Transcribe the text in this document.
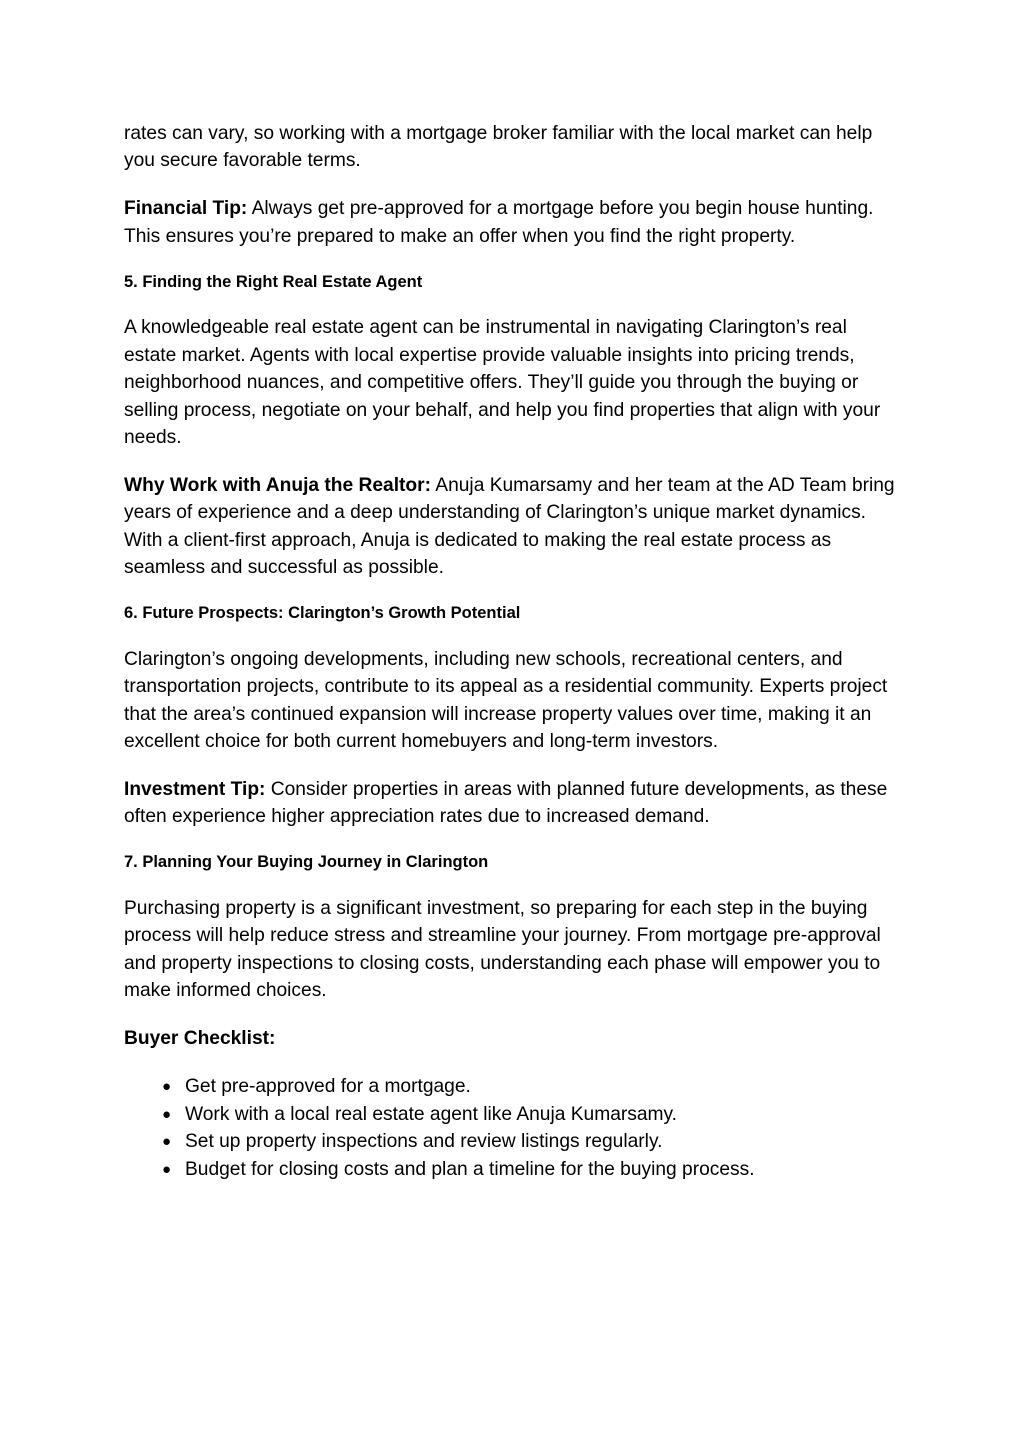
rates can vary, so working with a mortgage broker familiar with the local market can help you secure favorable terms.

Financial Tip: Always get pre-approved for a mortgage before you begin house hunting. This ensures you’re prepared to make an offer when you find the right property.

5. Finding the Right Real Estate Agent

A knowledgeable real estate agent can be instrumental in navigating Clarington’s real estate market. Agents with local expertise provide valuable insights into pricing trends, neighborhood nuances, and competitive offers. They’ll guide you through the buying or selling process, negotiate on your behalf, and help you find properties that align with your needs.

Why Work with Anuja the Realtor: Anuja Kumarsamy and her team at the AD Team bring years of experience and a deep understanding of Clarington’s unique market dynamics. With a client-first approach, Anuja is dedicated to making the real estate process as seamless and successful as possible.

6. Future Prospects: Clarington’s Growth Potential

Clarington’s ongoing developments, including new schools, recreational centers, and transportation projects, contribute to its appeal as a residential community. Experts project that the area’s continued expansion will increase property values over time, making it an excellent choice for both current homebuyers and long-term investors.

Investment Tip: Consider properties in areas with planned future developments, as these often experience higher appreciation rates due to increased demand.

7. Planning Your Buying Journey in Clarington

Purchasing property is a significant investment, so preparing for each step in the buying process will help reduce stress and streamline your journey. From mortgage pre-approval and property inspections to closing costs, understanding each phase will empower you to make informed choices.

Buyer Checklist:

● Get pre-approved for a mortgage.
● Work with a local real estate agent like Anuja Kumarsamy.
● Set up property inspections and review listings regularly.
● Budget for closing costs and plan a timeline for the buying process.
